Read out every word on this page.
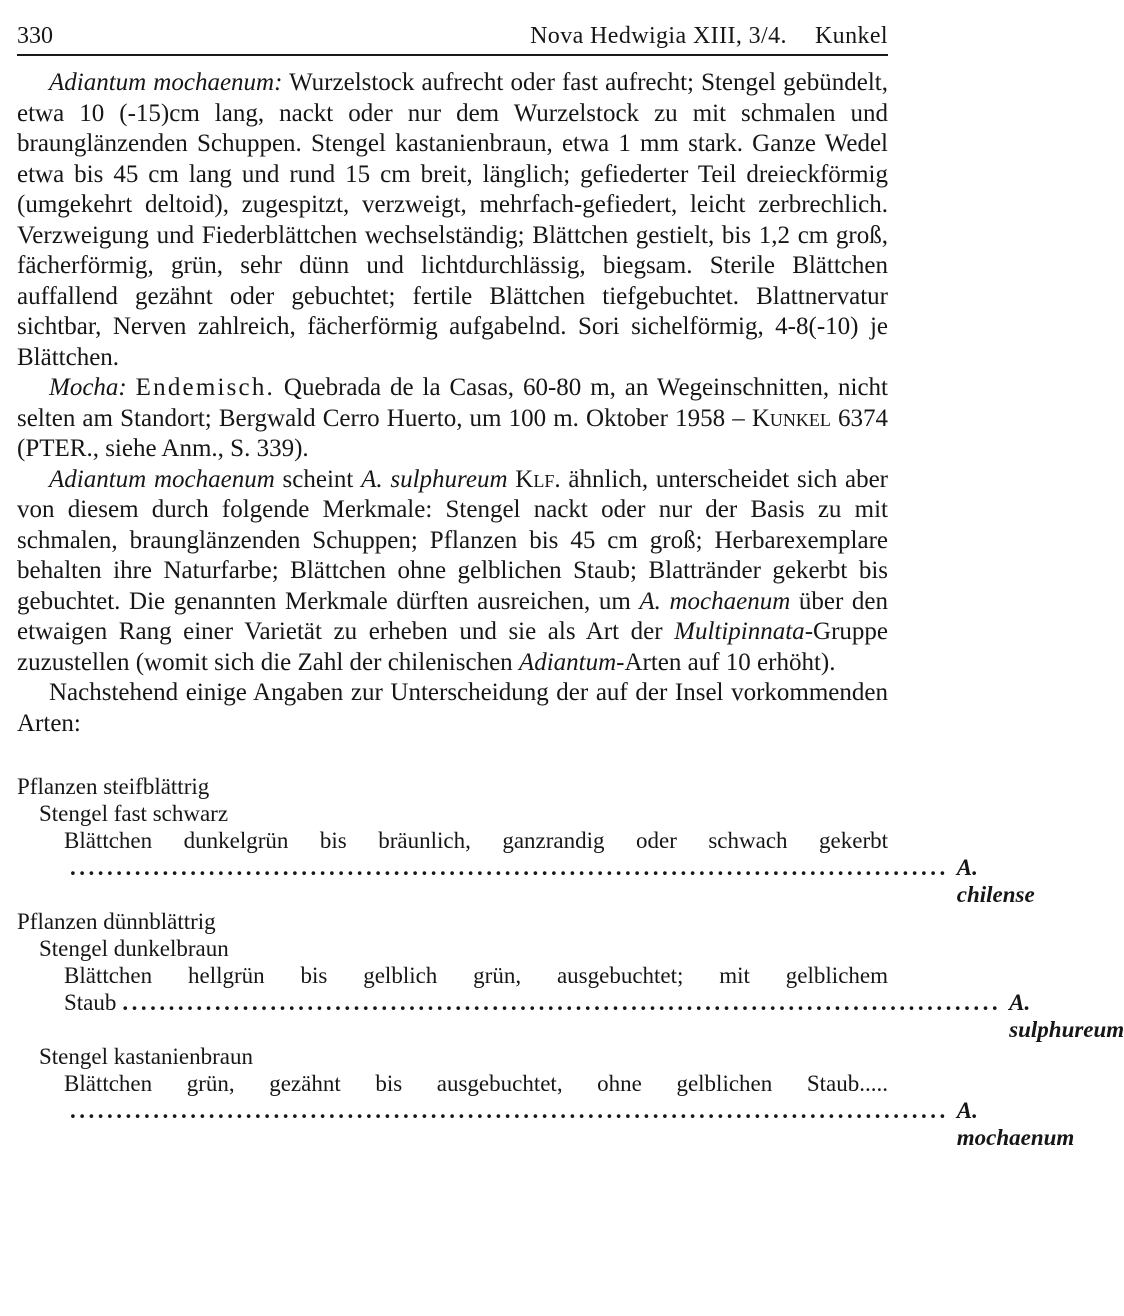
330	Nova Hedwigia XIII, 3/4. Kunkel

Adiantum mochaenum: Wurzelstock aufrecht oder fast aufrecht; Stengel gebündelt, etwa 10 (-15)cm lang, nackt oder nur dem Wurzelstock zu mit schmalen und braunglänzenden Schuppen. Stengel kastanienbraun, etwa 1 mm stark. Ganze Wedel etwa bis 45 cm lang und rund 15 cm breit, länglich; gefiederter Teil dreieckförmig (umgekehrt deltoid), zugespitzt, verzweigt, mehrfach-gefiedert, leicht zerbrechlich. Verzweigung und Fiederblättchen wechselständig; Blättchen gestielt, bis 1,2 cm groß, fächerförmig, grün, sehr dünn und lichtdurchlässig, biegsam. Sterile Blättchen auffallend gezähnt oder gebuchtet; fertile Blättchen tiefgebuchtet. Blattnervatur sichtbar, Nerven zahlreich, fächerförmig aufgabelnd. Sori sichelförmig, 4-8(-10) je Blättchen.

Mocha: Endemisch. Quebrada de la Casas, 60-80 m, an Wegeinschnitten, nicht selten am Standort; Bergwald Cerro Huerto, um 100 m. Oktober 1958 – Kunkel 6374 (PTER., siehe Anm., S. 339).

Adiantum mochaenum scheint A. sulphureum Klf. ähnlich, unterscheidet sich aber von diesem durch folgende Merkmale: Stengel nackt oder nur der Basis zu mit schmalen, braunglänzenden Schuppen; Pflanzen bis 45 cm groß; Herbarexemplare behalten ihre Naturfarbe; Blättchen ohne gelblichen Staub; Blattränder gekerbt bis gebuchtet. Die genannten Merkmale dürften ausreichen, um A. mochaenum über den etwaigen Rang einer Varietät zu erheben und sie als Art der Multipinnata-Gruppe zuzustellen (womit sich die Zahl der chilenischen Adiantum-Arten auf 10 erhöht).

Nachstehend einige Angaben zur Unterscheidung der auf der Insel vorkommenden Arten:

Pflanzen steifblättrig
Stengel fast schwarz
Blättchen dunkelgrün bis bräunlich, ganzrandig oder schwach gekerbt
............................................................................................... A. chilense
Pflanzen dünnblättrig
Stengel dunkelbraun
Blättchen hellgrün bis gelblich grün, ausgebuchtet; mit gelblichem
Staub ............................................................................................... A. sulphureum
Stengel kastanienbraun
Blättchen grün, gezähnt bis ausgebuchtet, ohne gelblichen Staub.....
............................................................................................... A. mochaenum
